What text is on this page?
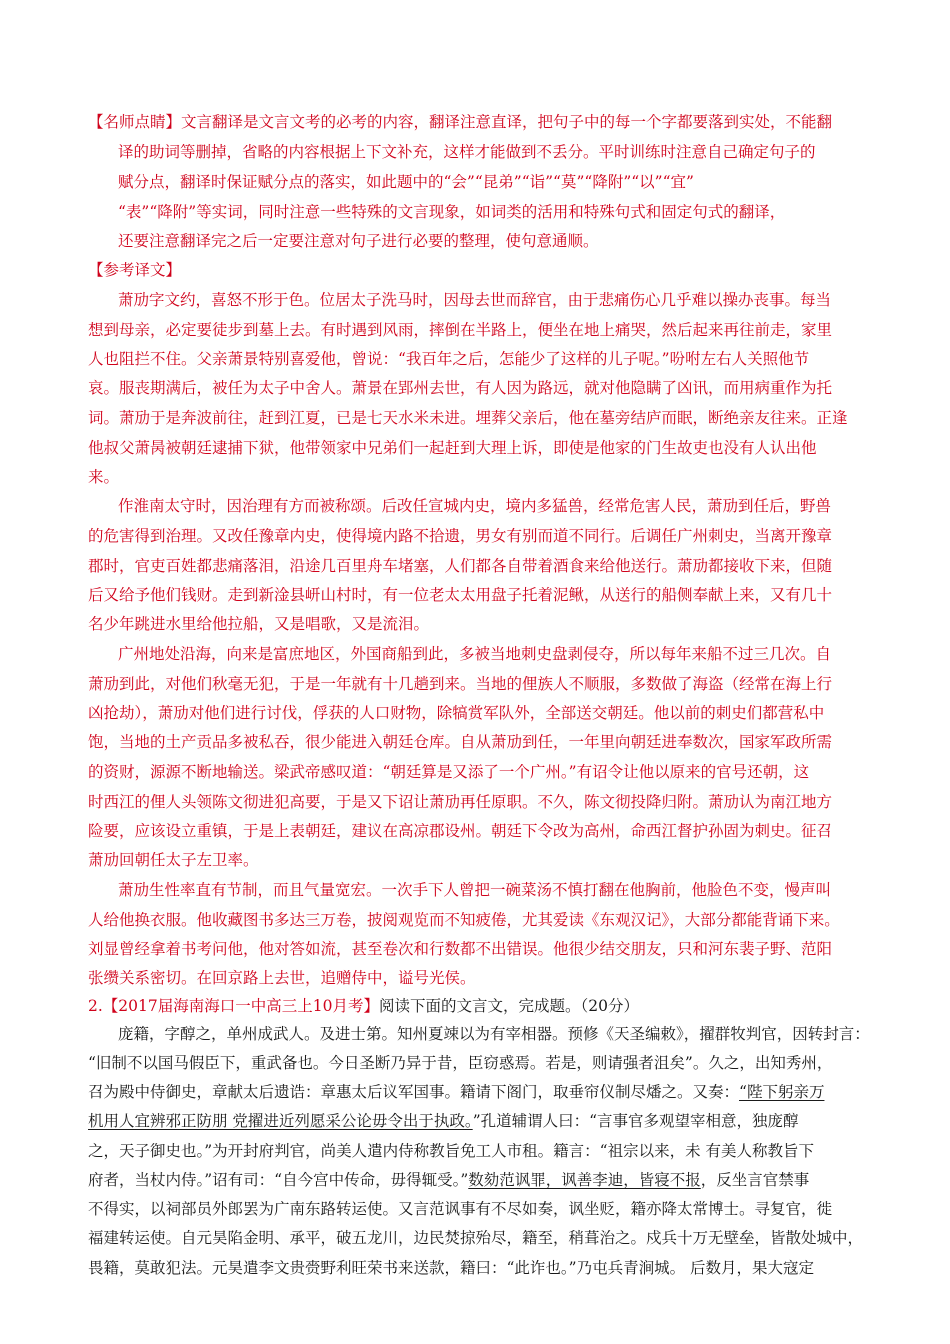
【名师点睛】文言翻译是文言文考的必考的内容，翻译注意直译，把句子中的每一个字都要落到实处，不能翻
译的助词等删掉，省略的内容根据上下文补充，这样才能做到不丢分。平时训练时注意自己确定句子的
赋分点，翻译时保证赋分点的落实，如此题中的“会”“昆弟”“诣”“莫”“降附”“以”“宜”
“表”“降附”等实词，同时注意一些特殊的文言现象，如词类的活用和特殊句式和固定句式的翻译，
还要注意翻译完之后一定要注意对句子进行必要的整理，使句意通顺。
【参考译文】
萧劢字文约，喜怒不形于色。位居太子洗马时，因母去世而辞官，由于悲痛伤心几乎难以操办丧事。每当
想到母亲，必定要徒步到墓上去。有时遇到风雨，摔倒在半路上，便坐在地上痛哭，然后起来再往前走，家里
人也阻拦不住。父亲萧景特别喜爱他，曾说：“我百年之后，怎能少了这样的儿子呢。”吩咐左右人关照他节
哀。服丧期满后，被任为太子中舍人。萧景在郢州去世，有人因为路远，就对他隐瞒了凶讯，而用病重作为托
词。萧劢于是奔波前往，赶到江夏，已是七天水米未进。埋葬父亲后，他在墓旁结庐而眠，断绝亲友往来。正逢
他叔父萧昺被朝廷逮捕下狱，他带领家中兄弟们一起赶到大理上诉，即使是他家的门生故吏也没有人认出他
来。
作淮南太守时，因治理有方而被称颂。后改任宣城内史，境内多猛兽，经常危害人民，萧劢到任后，野兽
的危害得到治理。又改任豫章内史，使得境内路不拾遗，男女有别而道不同行。后调任广州刺史，当离开豫章
郡时，官吏百姓都悲痛落泪，沿途几百里舟车堵塞，人们都各自带着酒食来给他送行。萧劢都接收下来，但随
后又给予他们钱财。走到新淦县岍山村时，有一位老太太用盘子托着泥鳅，从送行的船侧奉献上来，又有几十
名少年跳进水里给他拉船，又是唱歌，又是流泪。
广州地处沿海，向来是富庶地区，外国商船到此，多被当地刺史盘剥侵夺，所以每年来船不过三几次。自
萧劢到此，对他们秋毫无犯，于是一年就有十几趟到来。当地的俚族人不顺服，多数做了海盗（经常在海上行
凶抢劫），萧劢对他们进行讨伐，俘获的人口财物，除犒赏军队外，全部送交朝廷。他以前的刺史们都营私中
饱，当地的土产贡品多被私吞，很少能进入朝廷仓库。自从萧劢到任，一年里向朝廷进奉数次，国家军政所需
的资财，源源不断地输送。梁武帝感叹道：“朝廷算是又添了一个广州。”有诏令让他以原来的官号还朝，这
时西江的俚人头领陈文彻进犯高要，于是又下诏让萧劢再任原职。不久，陈文彻投降归附。萧劢认为南江地方
险要，应该设立重镇，于是上表朝廷，建议在高凉郡设州。朝廷下令改为高州，命西江督护孙固为刺史。征召
萧劢回朝任太子左卫率。
萧劢生性率直有节制，而且气量宽宏。一次手下人曾把一碗菜汤不慎打翻在他胸前，他脸色不变，慢声叫
人给他换衣服。他收藏图书多达三万卷，披阅观览而不知疲倦，尤其爱读《东观汉记》，大部分都能背诵下来。
刘显曾经拿着书考问他，他对答如流，甚至卷次和行数都不出错误。他很少结交朋友，只和河东裴子野、范阳
张缵关系密切。在回京路上去世，追赠侍中，谥号光侯。
2.【2017届海南海口一中高三上10月考】阅读下面的文言文，完成题。（20分）
庞籍，字醇之，单州成武人。及进士第。知州夏竦以为有宰相器。预修《天圣编敕》，擢群牧判官，因转封言：
“旧制不以国马假臣下，重武备也。今日圣断乃异于昔，臣窃惑焉。若是，则请强者沮矣”。久之，出知秀州，
召为殿中侍御史，章献太后遗诰：章惠太后议军国事。籍请下阁门，取垂帘仪制尽燔之。又奏：“陛下躬亲万
机用人宜辨邪正防朋 党擢进近列愿采公论毋令出于执政。”孔道辅谓人曰：“言事官多观望宰相意，独庞醇
之，天子御史也。”为开封府判官，尚美人遣内侍称教旨免工人市租。籍言：“祖宗以来，未 有美人称教旨下
府者，当杖内侍。”诏有司：“自今宫中传命，毋得辄受。”数劾范讽罪，讽善李迪，皆寝不报，反坐言官禁事
不得实，以祠部员外郎罢为广南东路转运使。又言范讽事有不尽如奏，讽坐贬，籍亦降太常博士。寻复官，徙
福建转运使。自元昊陷金明、承平，破五龙川，边民焚掠殆尽，籍至，稍葺治之。戍兵十万无壁垒，皆散处城中，
畏籍，莫敢犯法。元昊遣李文贵赍野利旺荣书来送款，籍曰：“此诈也。”乃屯兵青涧城。 后数月，果大寇定
